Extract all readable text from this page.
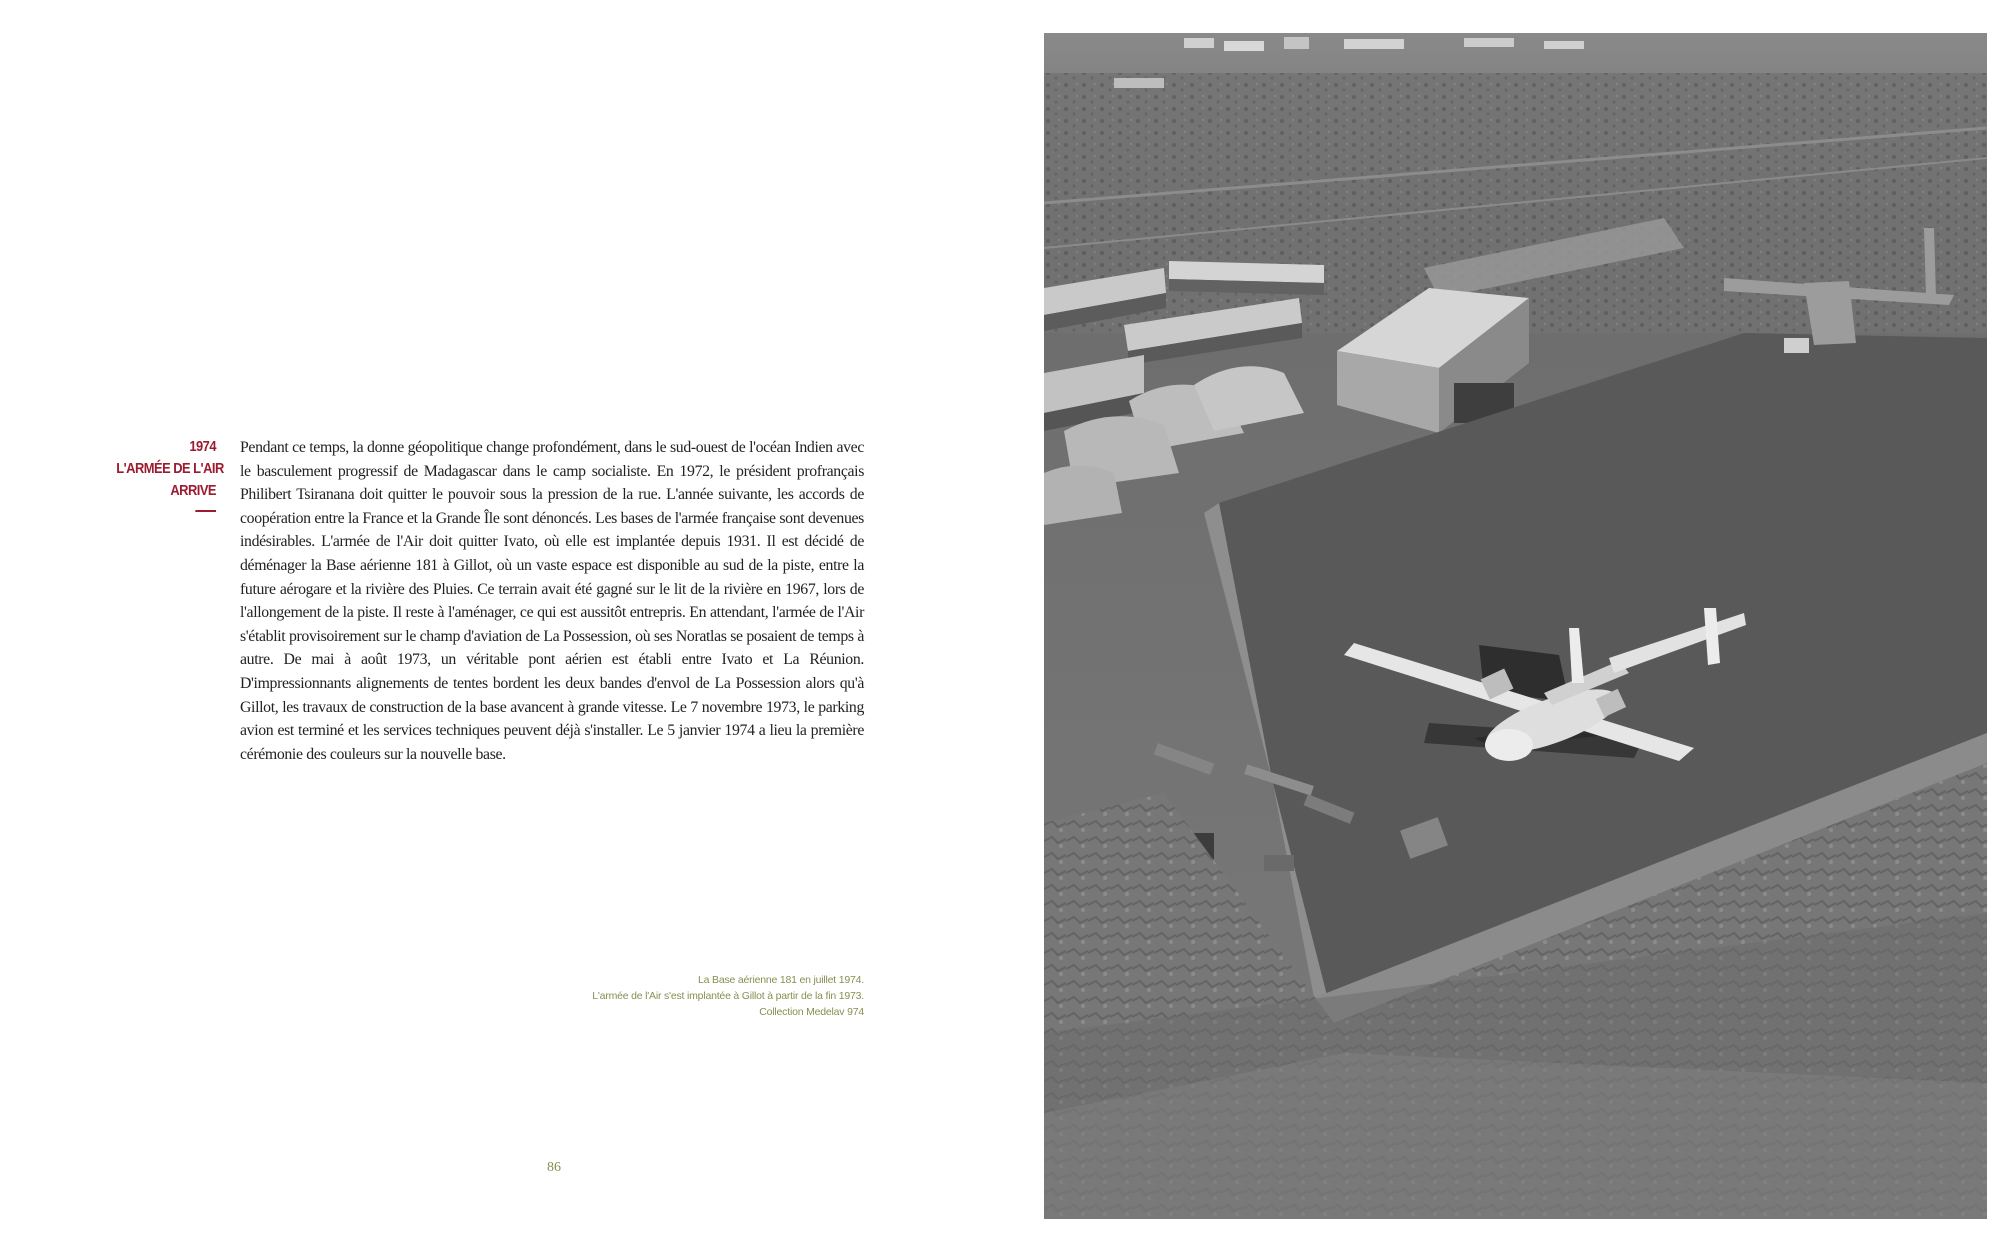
1974
L'ARMÉE DE L'AIR
ARRIVE

Pendant ce temps, la donne géopolitique change profondément, dans le sud-ouest de l'océan Indien avec le basculement progressif de Madagascar dans le camp socialiste. En 1972, le président profrançais Philibert Tsiranana doit quitter le pouvoir sous la pression de la rue. L'année suivante, les accords de coopération entre la France et la Grande Île sont dénoncés. Les bases de l'armée française sont devenues indésirables. L'armée de l'Air doit quitter Ivato, où elle est implantée depuis 1931. Il est décidé de déménager la Base aérienne 181 à Gillot, où un vaste espace est disponible au sud de la piste, entre la future aérogare et la rivière des Pluies. Ce terrain avait été gagné sur le lit de la rivière en 1967, lors de l'allongement de la piste. Il reste à l'aménager, ce qui est aussitôt entrepris. En attendant, l'armée de l'Air s'établit provisoirement sur le champ d'aviation de La Possession, où ses Noratlas se posaient de temps à autre. De mai à août 1973, un véritable pont aérien est établi entre Ivato et La Réunion. D'impressionnants alignements de tentes bordent les deux bandes d'envol de La Possession alors qu'à Gillot, les travaux de construction de la base avancent à grande vitesse. Le 7 novembre 1973, le parking avion est terminé et les services techniques peuvent déjà s'installer. Le 5 janvier 1974 a lieu la première cérémonie des couleurs sur la nouvelle base.

La Base aérienne 181 en juillet 1974.
L'armée de l'Air s'est implantée à Gillot à partir de la fin 1973.
Collection Medelav 974
86
